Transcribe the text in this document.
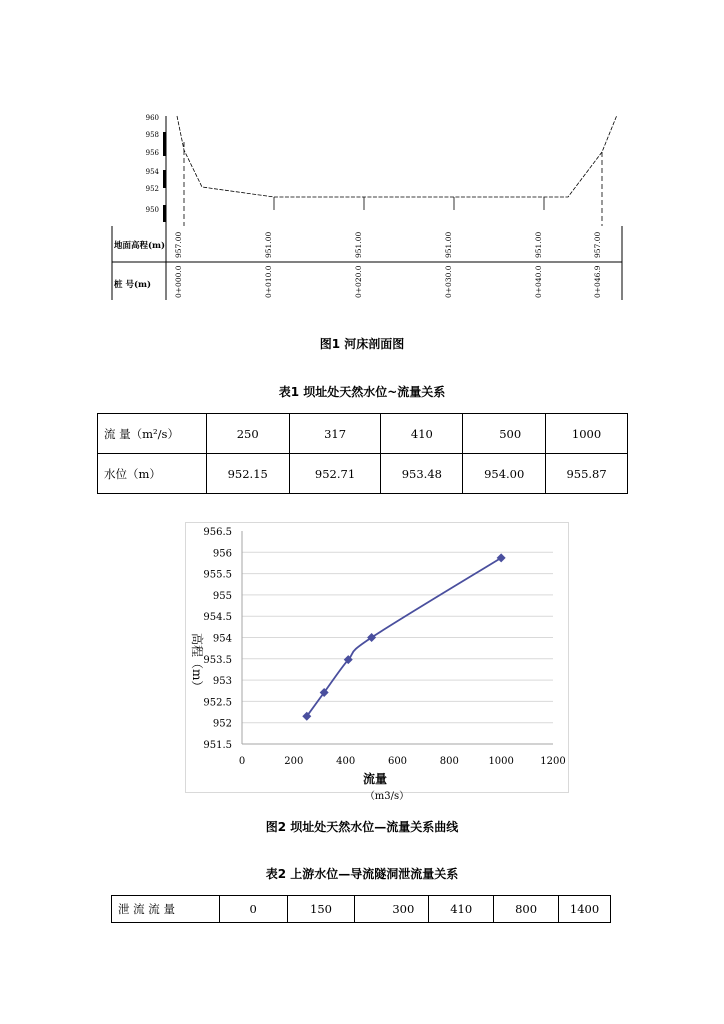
960
958
956
954
952
950
地面高程(m)
桩 号(m)
957.00	951.00	951.00	951.00	951.00	957.00
0+000.0	0+010.0	0+020.0	0+030.0	0+040.0	0+046.9
图1 河床剖面图
表1 坝址处天然水位~流量关系
流 量（m²/s）	250	317	410	500	1000
水位（m）	952.15	952.71	953.48	954.00	955.87
956.5
956
955.5
955
954.5
954
953.5
953
952.5
952
951.5
0	200	400	600	800	1000	1200
高程（m）
流量
（m3/s）
图2 坝址处天然水位—流量关系曲线
表2 上游水位—导流隧洞泄流量关系
泄 流 流 量	0	150	300	410	800	1400
